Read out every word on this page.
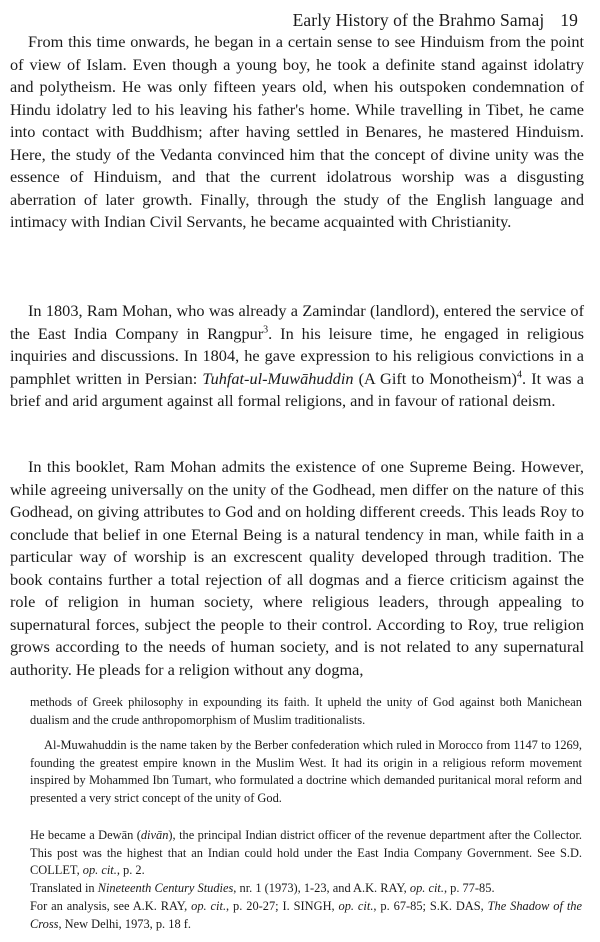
Early History of the Brahmo Samaj 19

From this time onwards, he began in a certain sense to see Hinduism from the point of view of Islam. Even though a young boy, he took a definite stand against idolatry and polytheism. He was only fifteen years old, when his outspoken condemnation of Hindu idolatry led to his leaving his father's home. While travelling in Tibet, he came into contact with Buddhism; after having settled in Benares, he mastered Hinduism. Here, the study of the Vedanta convinced him that the concept of divine unity was the essence of Hinduism, and that the current idolatrous worship was a disgusting aberration of later growth. Finally, through the study of the English language and intimacy with Indian Civil Servants, he became acquainted with Christianity.

In 1803, Ram Mohan, who was already a Zamindar (landlord), entered the service of the East India Company in Rangpur$^3$. In his leisure time, he engaged in religious inquiries and discussions. In 1804, he gave expression to his religious convictions in a pamphlet written in Persian: Tuhfat-ul-Muwāhuddin (A Gift to Monotheism)$^4$. It was a brief and arid argument against all formal religions, and in favour of rational deism.

In this booklet, Ram Mohan admits the existence of one Supreme Being. However, while agreeing universally on the unity of the Godhead, men differ on the nature of this Godhead, on giving attributes to God and on holding different creeds. This leads Roy to conclude that belief in one Eternal Being is a natural tendency in man, while faith in a particular way of worship is an excrescent quality developed through tradition. The book contains further a total rejection of all dogmas and a fierce criticism against the role of religion in human society, where religious leaders, through appealing to supernatural forces, subject the people to their control. According to Roy, true religion grows according to the needs of human society, and is not related to any supernatural authority. He pleads for a religion without any dogma,

methods of Greek philosophy in expounding its faith. It upheld the unity of God against both Manichean dualism and the crude anthropomorphism of Muslim traditionalists.

Al-Muwahuddin is the name taken by the Berber confederation which ruled in Morocco from 1147 to 1269, founding the greatest empire known in the Muslim West. It had its origin in a religious reform movement inspired by Mohammed Ibn Tumart, who formulated a doctrine which demanded puritanical moral reform and presented a very strict concept of the unity of God.

He became a Dewān (divān), the principal Indian district officer of the revenue department after the Collector. This post was the highest that an Indian could hold under the East India Company Government. See S.D. COLLET, op. cit., p. 2.

Translated in Nineteenth Century Studies, nr. 1 (1973), 1-23, and A.K. RAY, op. cit., p. 77-85.

For an analysis, see A.K. RAY, op. cit., p. 20-27; I. SINGH, op. cit., p. 67-85; S.K. DAS, The Shadow of the Cross, New Delhi, 1973, p. 18 f.
